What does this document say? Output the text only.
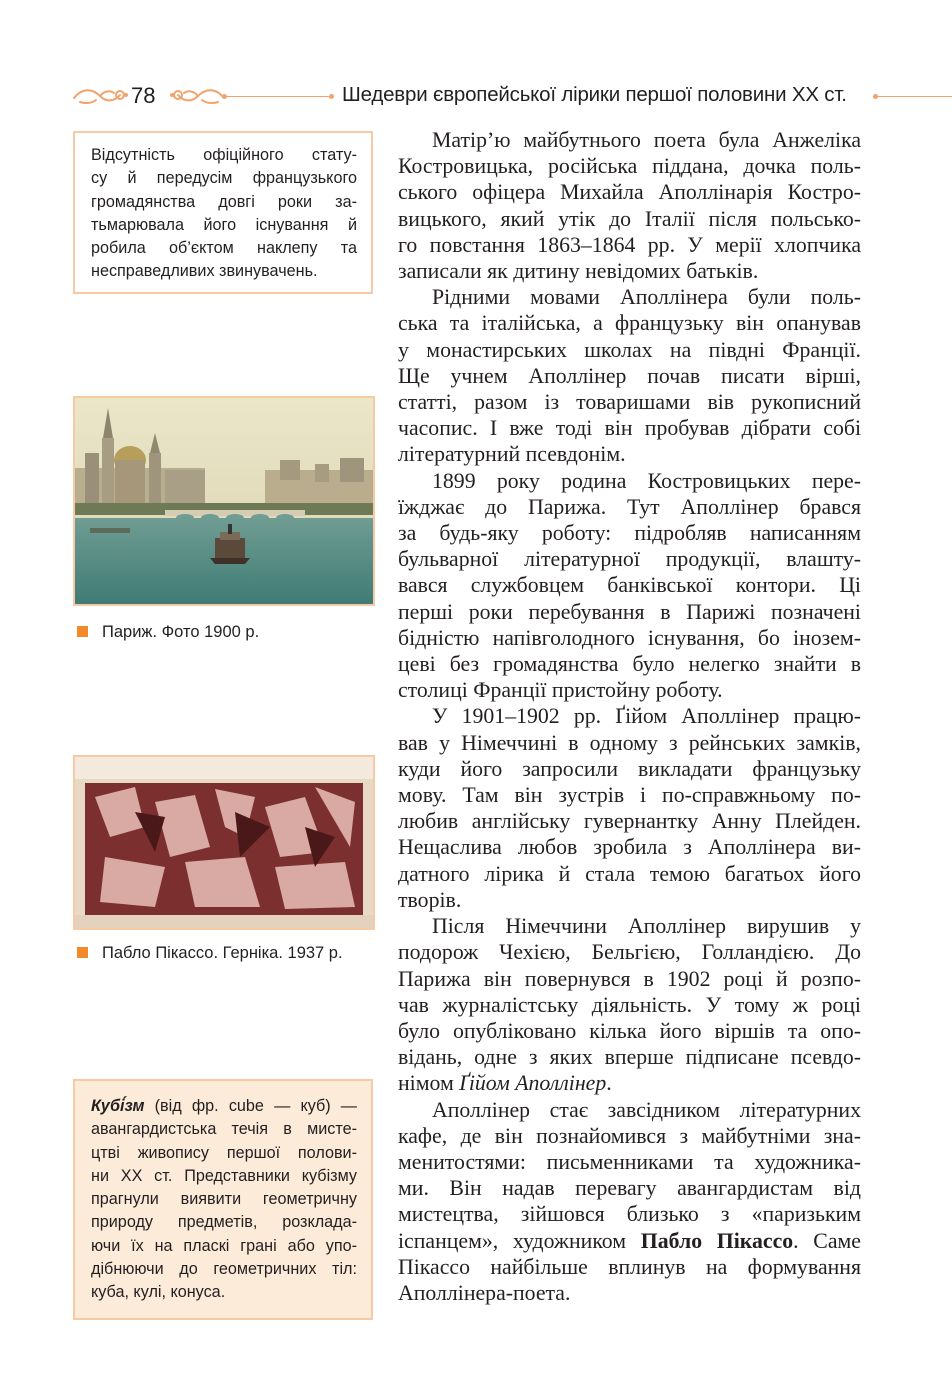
78	Шедеври європейської лірики першої половини ХХ ст.
Відсутність офіційного стату-
су й передусім французького
громадянства довгі роки за-
тьмарювала його існування й
робила об’єктом наклепу та
несправедливих звинувачень.
Париж. Фото 1900 р.
Пабло Пікассо. Герніка. 1937 р.
Кубі́зм (від фр. cube — куб) —
авангардистська течія в мисте-
цтві живопису першої полови-
ни ХХ ст. Представники кубізму
прагнули виявити геометричну
природу предметів, розклада-
ючи їх на пласкі грані або упо-
дібнюючи до геометричних тіл:
куба, кулі, конуса.

Матір’ю майбутнього поета була Анжеліка
Костровицька, російська піддана, дочка поль-
ського офіцера Михайла Аполлінарія Костро-
вицького, який утік до Італії після польсько-
го повстання 1863–1864 рр. У мерії хлопчика
записали як дитину невідомих батьків.

Рідними мовами Аполлінера були поль-
ська та італійська, а французьку він опанував
у монастирських школах на півдні Франції.
Ще учнем Аполлінер почав писати вірші,
статті, разом із товаришами вів рукописний
часопис. І вже тоді він пробував дібрати собі
літературний псевдонім.

1899 року родина Костровицьких пере-
їжджає до Парижа. Тут Аполлінер брався
за будь-яку роботу: підробляв написанням
бульварної літературної продукції, влашту-
вався службовцем банківської контори. Ці
перші роки перебування в Парижі позначені
бідністю напівголодного існування, бо інозем-
цеві без громадянства було нелегко знайти в
столиці Франції пристойну роботу.

У 1901–1902 рр. Ґійом Аполлінер працю-
вав у Німеччині в одному з рейнських замків,
куди його запросили викладати французьку
мову. Там він зустрів і по-справжньому по-
любив англійську гувернантку Анну Плейден.
Нещаслива любов зробила з Аполлінера ви-
датного лірика й стала темою багатьох його
творів.

Після Німеччини Аполлінер вирушив у
подорож Чехією, Бельгією, Голландією. До
Парижа він повернувся в 1902 році й розпо-
чав журналістську діяльність. У тому ж році
було опубліковано кілька його віршів та опо-
відань, одне з яких вперше підписане псевдо-
німом Ґійом Аполлінер.

Аполлінер стає завсідником літературних
кафе, де він познайомився з майбутніми зна-
менитостями: письменниками та художника-
ми. Він надав перевагу авангардистам від
мистецтва, зійшовся близько з «паризьким
іспанцем», художником Пабло Пікассо. Саме
Пікассо найбільше вплинув на формування
Аполлінера-поета.
